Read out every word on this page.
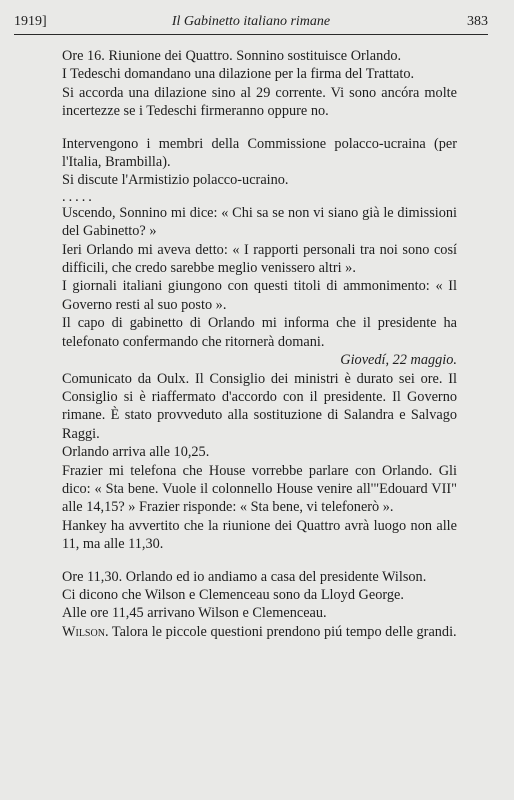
1919]	Il Gabinetto italiano rimane	383

Ore 16. Riunione dei Quattro. Sonnino sostituisce Orlando.

I Tedeschi domandano una dilazione per la firma del Trattato.

Si accorda una dilazione sino al 29 corrente. Vi sono ancóra molte incertezze se i Tedeschi firmeranno oppure no.

Intervengono i membri della Commissione polacco-ucraina (per l'Italia, Brambilla).

Si discute l'Armistizio polacco-ucraino.

.....

Uscendo, Sonnino mi dice: « Chi sa se non vi siano già le dimissioni del Gabinetto? »

Ieri Orlando mi aveva detto: « I rapporti personali tra noi sono cosí difficili, che credo sarebbe meglio venissero altri ».

I giornali italiani giungono con questi titoli di ammonimento: « Il Governo resti al suo posto ».

Il capo di gabinetto di Orlando mi informa che il presidente ha telefonato confermando che ritornerà domani.

Giovedí, 22 maggio.

Comunicato da Oulx. Il Consiglio dei ministri è durato sei ore. Il Consiglio si è riaffermato d'accordo con il presidente. Il Governo rimane. È stato provveduto alla sostituzione di Salandra e Salvago Raggi.

Orlando arriva alle 10,25.

Frazier mi telefona che House vorrebbe parlare con Orlando. Gli dico: « Sta bene. Vuole il colonnello House venire all'"Edouard VII" alle 14,15? » Frazier risponde: « Sta bene, vi telefonerò ».

Hankey ha avvertito che la riunione dei Quattro avrà luogo non alle 11, ma alle 11,30.

Ore 11,30. Orlando ed io andiamo a casa del presidente Wilson.

Ci dicono che Wilson e Clemenceau sono da Lloyd George.

Alle ore 11,45 arrivano Wilson e Clemenceau.

Wilson. Talora le piccole questioni prendono piú tempo delle grandi.
